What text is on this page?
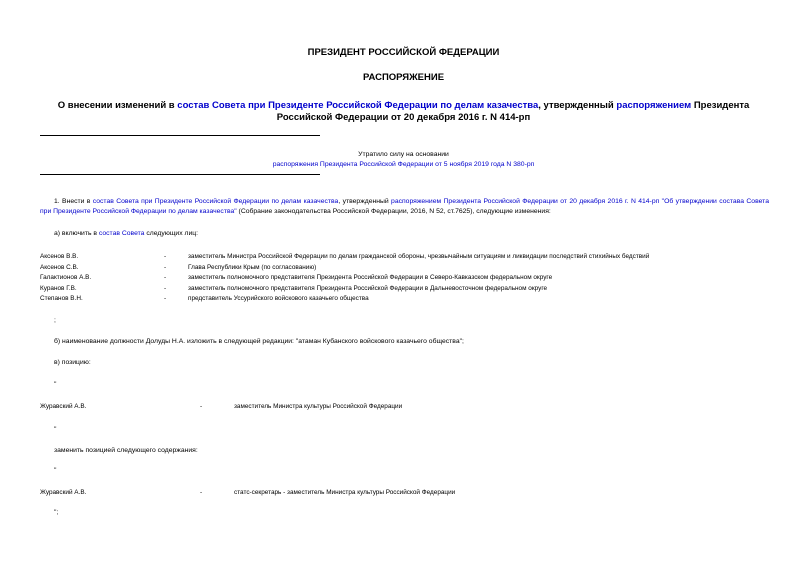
ПРЕЗИДЕНТ РОССИЙСКОЙ ФЕДЕРАЦИИ
РАСПОРЯЖЕНИЕ
О внесении изменений в состав Совета при Президенте Российской Федерации по делам казачества, утвержденный распоряжением Президента Российской Федерации от 20 декабря 2016 г. N 414-рп
Утратило силу на основании
распоряжения Президента Российской Федерации от 5 ноября 2019 года N 380-рп
1. Внести в состав Совета при Президенте Российской Федерации по делам казачества, утвержденный распоряжением Президента Российской Федерации от 20 декабря 2016 г. N 414-рп "Об утверждении состава Совета при Президенте Российской Федерации по делам казачества" (Собрание законодательства Российской Федерации, 2016, N 52, ст.7625), следующие изменения:
а) включить в состав Совета следующих лиц:
Аксенов В.В.	-	заместитель Министра Российской Федерации по делам гражданской обороны, чрезвычайным ситуациям и ликвидации последствий стихийных бедствий
Аксенов С.В.	-	Глава Республики Крым (по согласованию)
Галактионов А.В.	-	заместитель полномочного представителя Президента Российской Федерации в Северо-Кавказском федеральном округе
Куранов Г.В.	-	заместитель полномочного представителя Президента Российской Федерации в Дальневосточном федеральном округе
Степанов В.Н.	-	представитель Уссурийского войскового казачьего общества
;
б) наименование должности Долуды Н.А. изложить в следующей редакции: "атаман Кубанского войскового казачьего общества";
в) позицию:
"
Журавский А.В.	-	заместитель Министра культуры Российской Федерации
"
заменить позицией следующего содержания:
"
Журавский А.В.	-	статс-секретарь - заместитель Министра культуры Российской Федерации
";
